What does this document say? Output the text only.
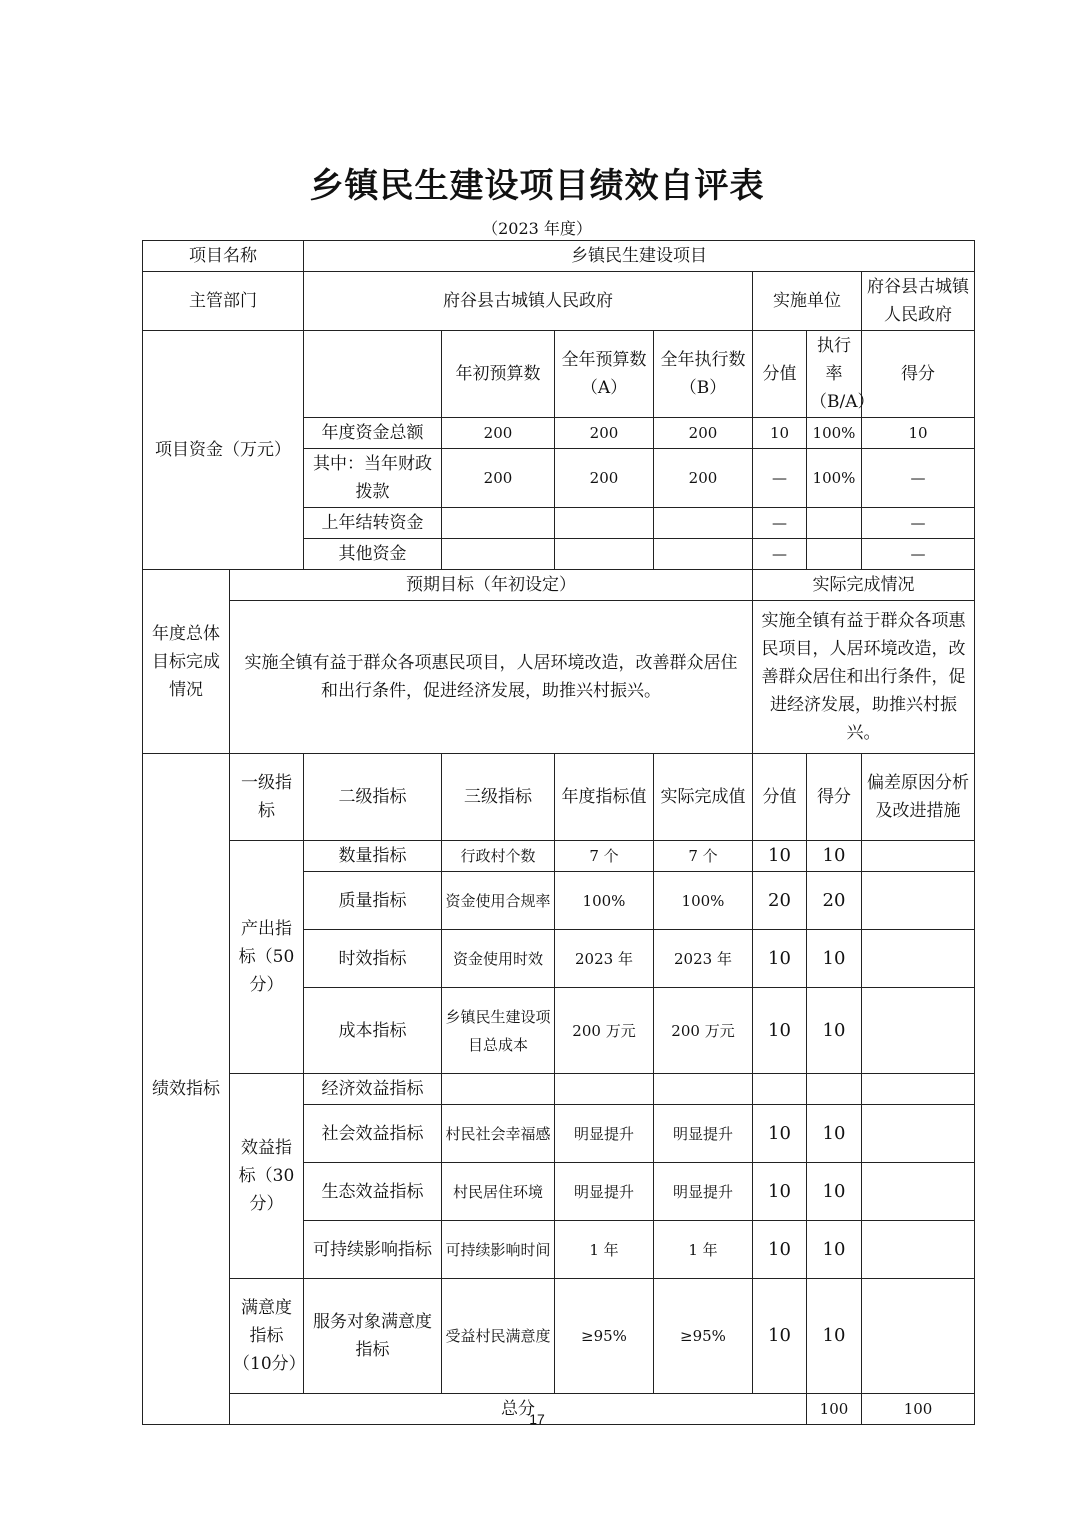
乡镇民生建设项目绩效自评表
（2023 年度）
项目名称		乡镇民生建设项目							
主管部门		府谷县古城镇人民政府				实施单位		府谷县古城镇人民政府	
项目资金（万元）			年初预算数	全年预算数（A）	全年执行数（B）	分值	执行率（B/A）	得分	
		年度资金总额	200	200	200	10	100%	10	
		其中：当年财政拨款	200	200	200	—	100%	—	
		上年结转资金				—		—	
		其他资金				—		—	
年度总体目标完成情况	预期目标（年初设定）					实际完成情况			
	实施全镇有益于群众各项惠民项目，人居环境改造，改善群众居住和出行条件，促进经济发展，助推兴村振兴。					实施全镇有益于群众各项惠民项目，人居环境改造，改善群众居住和出行条件，促进经济发展，助推兴村振兴。			
绩效指标	一级指标	二级指标	三级指标	年度指标值	实际完成值	分值	得分	偏差原因分析及改进措施	
	产出指标（50分）	数量指标	行政村个数	7 个	7 个	10	10		
		质量指标	资金使用合规率	100%	100%	20	20		
		时效指标	资金使用时效	2023 年	2023 年	10	10		
		成本指标	乡镇民生建设项目总成本	200 万元	200 万元	10	10		
	效益指标（30分）	经济效益指标							
		社会效益指标	村民社会幸福感	明显提升	明显提升	10	10		
		生态效益指标	村民居住环境	明显提升	明显提升	10	10		
		可持续影响指标	可持续影响时间	1 年	1 年	10	10		
	满意度指标（10分）	服务对象满意度指标	受益村民满意度	≥95%	≥95%	10	10		
	总分						100	100	
17
